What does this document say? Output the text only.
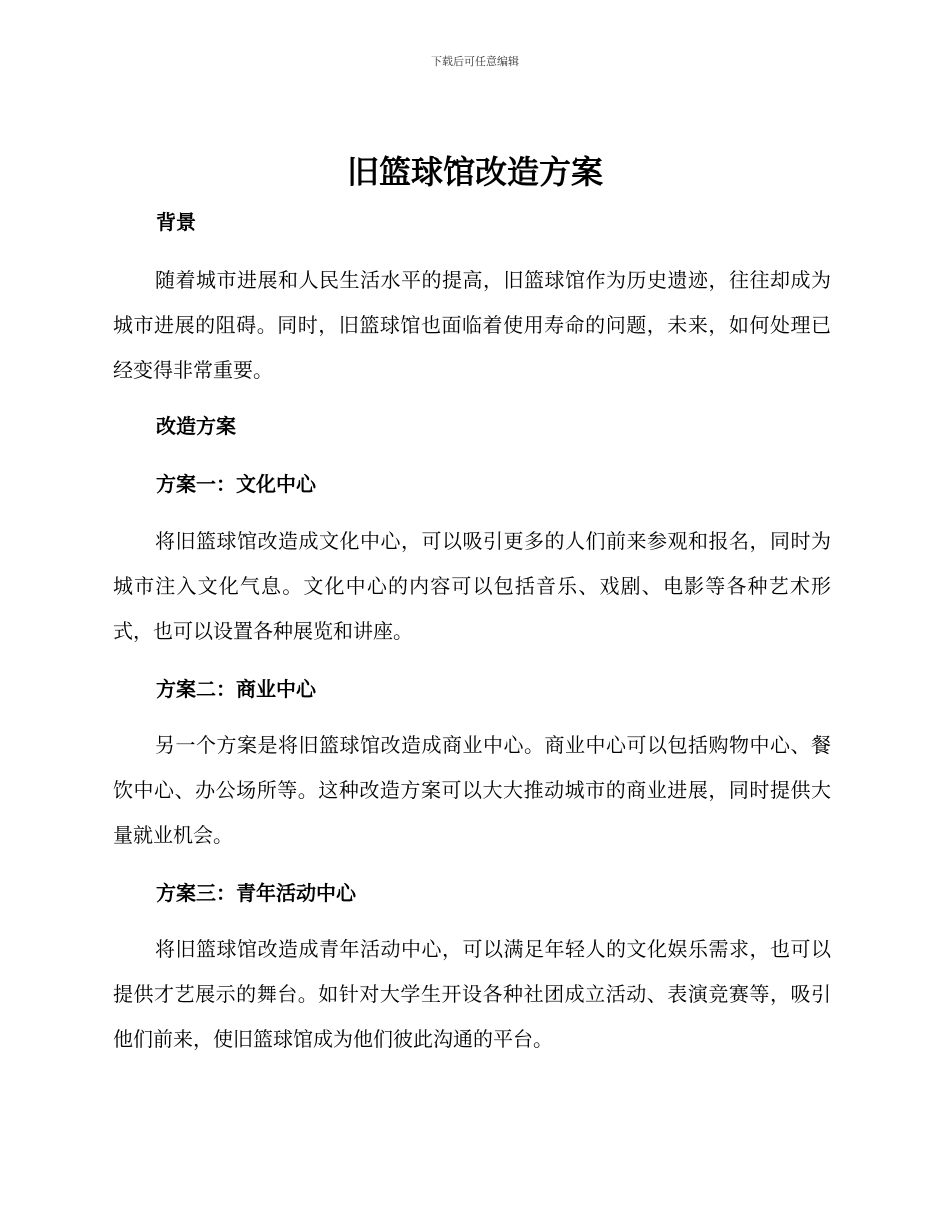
下载后可任意编辑
旧篮球馆改造方案
背景

随着城市进展和人民生活水平的提高，旧篮球馆作为历史遗迹，往往却成为城市进展的阻碍。同时，旧篮球馆也面临着使用寿命的问题，未来，如何处理已经变得非常重要。

改造方案
方案一：文化中心

将旧篮球馆改造成文化中心，可以吸引更多的人们前来参观和报名，同时为城市注入文化气息。文化中心的内容可以包括音乐、戏剧、电影等各种艺术形式，也可以设置各种展览和讲座。

方案二：商业中心

另一个方案是将旧篮球馆改造成商业中心。商业中心可以包括购物中心、餐饮中心、办公场所等。这种改造方案可以大大推动城市的商业进展，同时提供大量就业机会。

方案三：青年活动中心

将旧篮球馆改造成青年活动中心，可以满足年轻人的文化娱乐需求，也可以提供才艺展示的舞台。如针对大学生开设各种社团成立活动、表演竞赛等，吸引他们前来，使旧篮球馆成为他们彼此沟通的平台。
